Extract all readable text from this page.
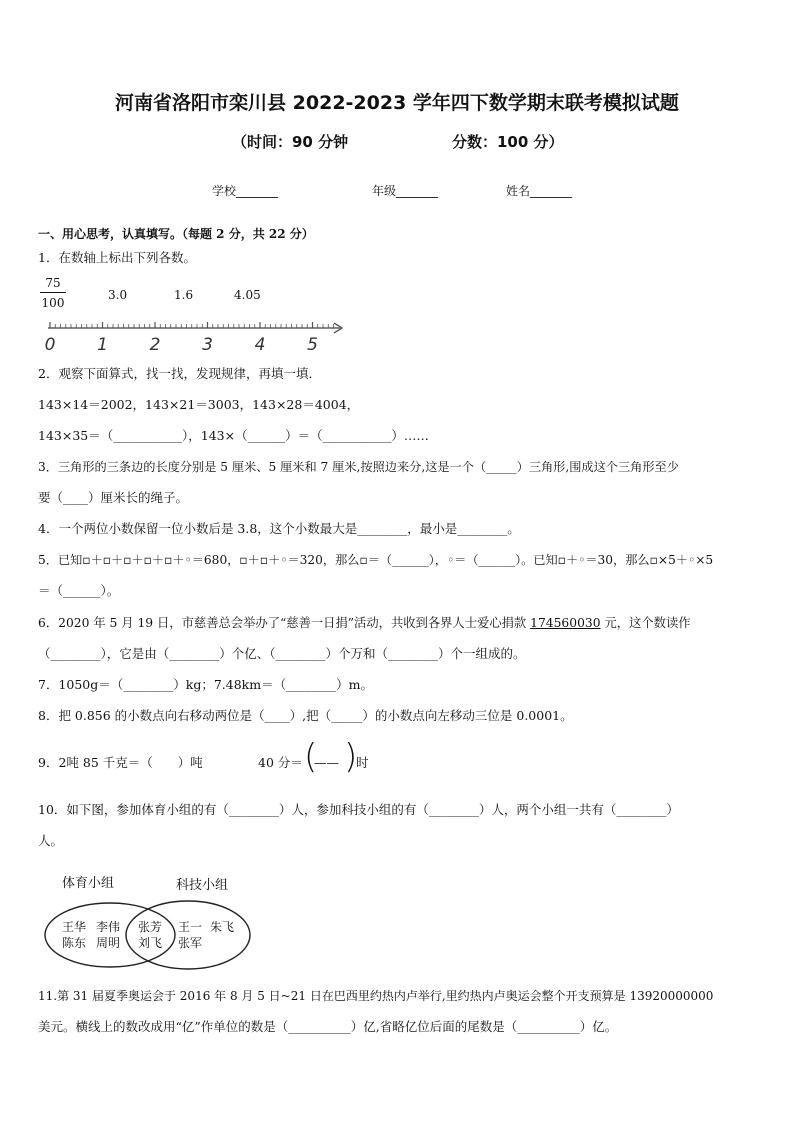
河南省洛阳市栾川县 2022-2023 学年四下数学期末联考模拟试题
（时间：90 分钟	分数：100 分）
学校_______	年级_______	姓名_______
一、用心思考，认真填写。（每题 2 分，共 22 分）
1．在数轴上标出下列各数。
$\frac{75}{100}$	3.0	1.6	4.05
0 1 2 3 4 5
2．观察下面算式，找一找，发现规律，再填一填．
143×14＝2002，143×21＝3003，143×28＝4004，
143×35＝（___________），143×（______）＝（___________）……
3．三角形的三条边的长度分别是 5 厘米、5 厘米和 7 厘米,按照边来分,这是一个（_____）三角形,围成这个三角形至少
要（____）厘米长的绳子。
4．一个两位小数保留一位小数后是 3.8，这个小数最大是________，最小是________。
5．已知▫＋▫＋▫＋▫＋▫＋◦＝680，▫＋▫＋◦＝320，那么▫＝（______），◦＝（______）。已知▫＋◦＝30，那么▫×5＋◦×5
＝（______）。
6．2020 年 5 月 19 日，市慈善总会举办了“慈善一日捐”活动，共收到各界人士爱心捐款 174560030 元，这个数读作
（________），它是由（________）个亿、（________）个万和（________）个一组成的。
7．1050g＝（________）kg；7.48km＝（________）m。
8．把 0.856 的小数点向右移动两位是（____）,把（_____）的小数点向左移动三位是 0.0001。
9．2吨 85 千克＝（　　）吨	40 分＝ (
—— )
时
10．如下图，参加体育小组的有（________）人，参加科技小组的有（________）人，两个小组一共有（________）
人。
体育小组	科技小组
王华 李伟
陈东 周明
张芳
刘飞
王一 朱飞
张军
11.第 31 届夏季奥运会于 2016 年 8 月 5 日~21 日在巴西里约热内卢举行,里约热内卢奥运会整个开支预算是 13920000000
美元。横线上的数改成用“亿”作单位的数是（__________）亿,省略亿位后面的尾数是（__________）亿。
